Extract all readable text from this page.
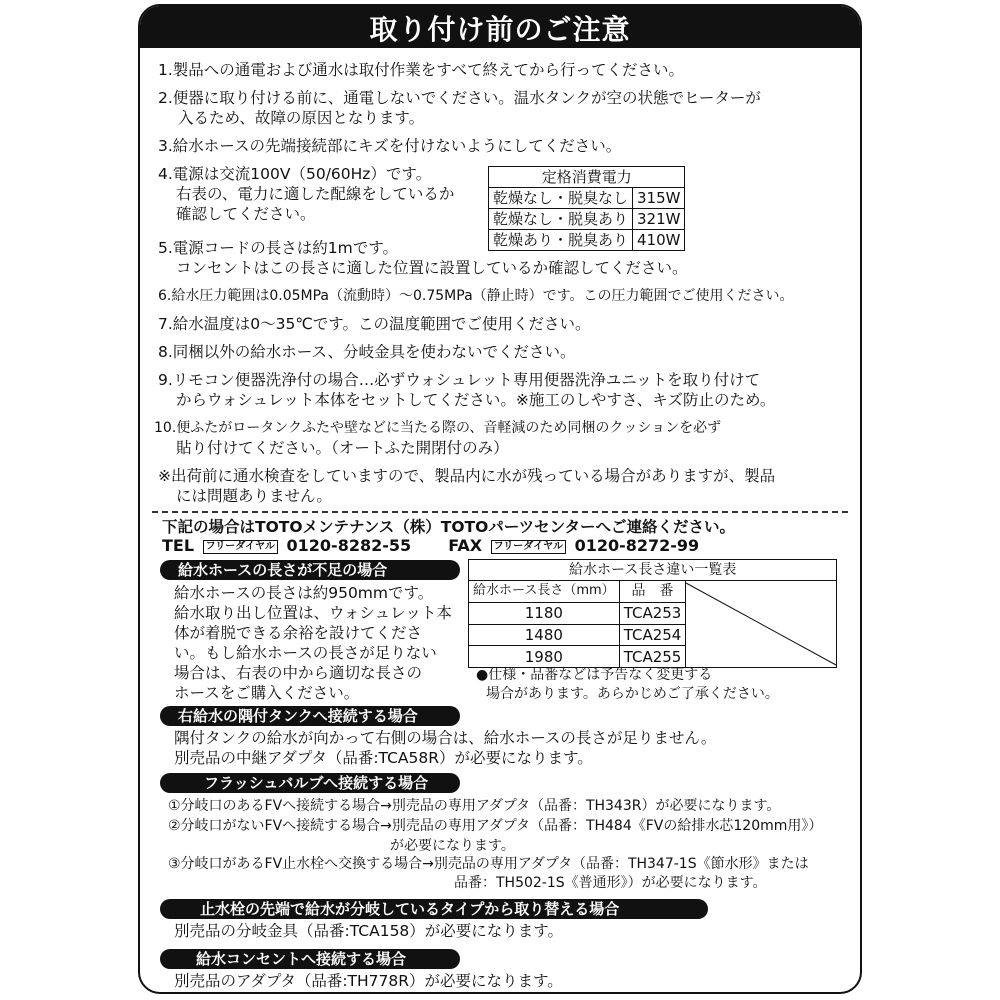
取り付け前のご注意
1.製品への通電および通水は取付作業をすべて終えてから行ってください。
2.便器に取り付ける前に、通電しないでください。温水タンクが空の状態でヒーターが
入るため、故障の原因となります。
3.給水ホースの先端接続部にキズを付けないようにしてください。
4.電源は交流100V（50/60Hz）です。
右表の、電力に適した配線をしているか
確認してください。
5.電源コードの長さは約1mです。
コンセントはこの長さに適した位置に設置しているか確認してください。
6.給水圧力範囲は0.05MPa（流動時）～0.75MPa（静止時）です。この圧力範囲でご使用ください。
7.給水温度は0～35℃です。この温度範囲でご使用ください。
8.同梱以外の給水ホース、分岐金具を使わないでください。
9.リモコン便器洗浄付の場合…必ずウォシュレット専用便器洗浄ユニットを取り付けて
からウォシュレット本体をセットしてください。※施工のしやすさ、キズ防止のため。
10.便ふたがロータンクふたや壁などに当たる際の、音軽減のため同梱のクッションを必ず
貼り付けてください。（オートふた開閉付のみ）
※出荷前に通水検査をしていますので、製品内に水が残っている場合がありますが、製品
には問題ありません。
定格消費電力	
乾燥なし・脱臭なし	315W
乾燥なし・脱臭あり	321W
乾燥あり・脱臭あり	410W
下記の場合はTOTOメンテナンス（株）TOTOパーツセンターへご連絡ください。
TEL フリーダイヤル 0120-8282-55 FAX フリーダイヤル 0120-8272-99
給水ホースの長さが不足の場合
給水ホースの長さは約950mmです。
給水取り出し位置は、ウォシュレット本
体が着脱できる余裕を設けてくださ
い。もし給水ホースの長さが足りない
場合は、右表の中から適切な長さの
ホースをご購入ください。
給水ホース長さ違い一覧表		
給水ホース長さ（mm）	品　番	

1180	TCA253	
1480	TCA254	
1980	TCA255	
●仕様・品番などは予告なく変更する
場合があります。あらかじめご了承ください。
右給水の隅付タンクへ接続する場合
隅付タンクの給水が向かって右側の場合は、給水ホースの長さが足りません。
別売品の中継アダプタ（品番:TCA58R）が必要になります。
フラッシュバルブへ接続する場合
①分岐口のあるFVへ接続する場合→別売品の専用アダプタ（品番：TH343R）が必要になります。
②分岐口がないFVへ接続する場合→別売品の専用アダプタ（品番：TH484《FVの給排水芯120mm用》）
が必要になります。
③分岐口があるFV止水栓へ交換する場合→別売品の専用アダプタ（品番：TH347-1S《節水形》または
品番：TH502-1S《普通形》）が必要になります。
止水栓の先端で給水が分岐しているタイプから取り替える場合
別売品の分岐金具（品番:TCA158）が必要になります。
給水コンセントへ接続する場合
別売品のアダプタ（品番:TH778R）が必要になります。
